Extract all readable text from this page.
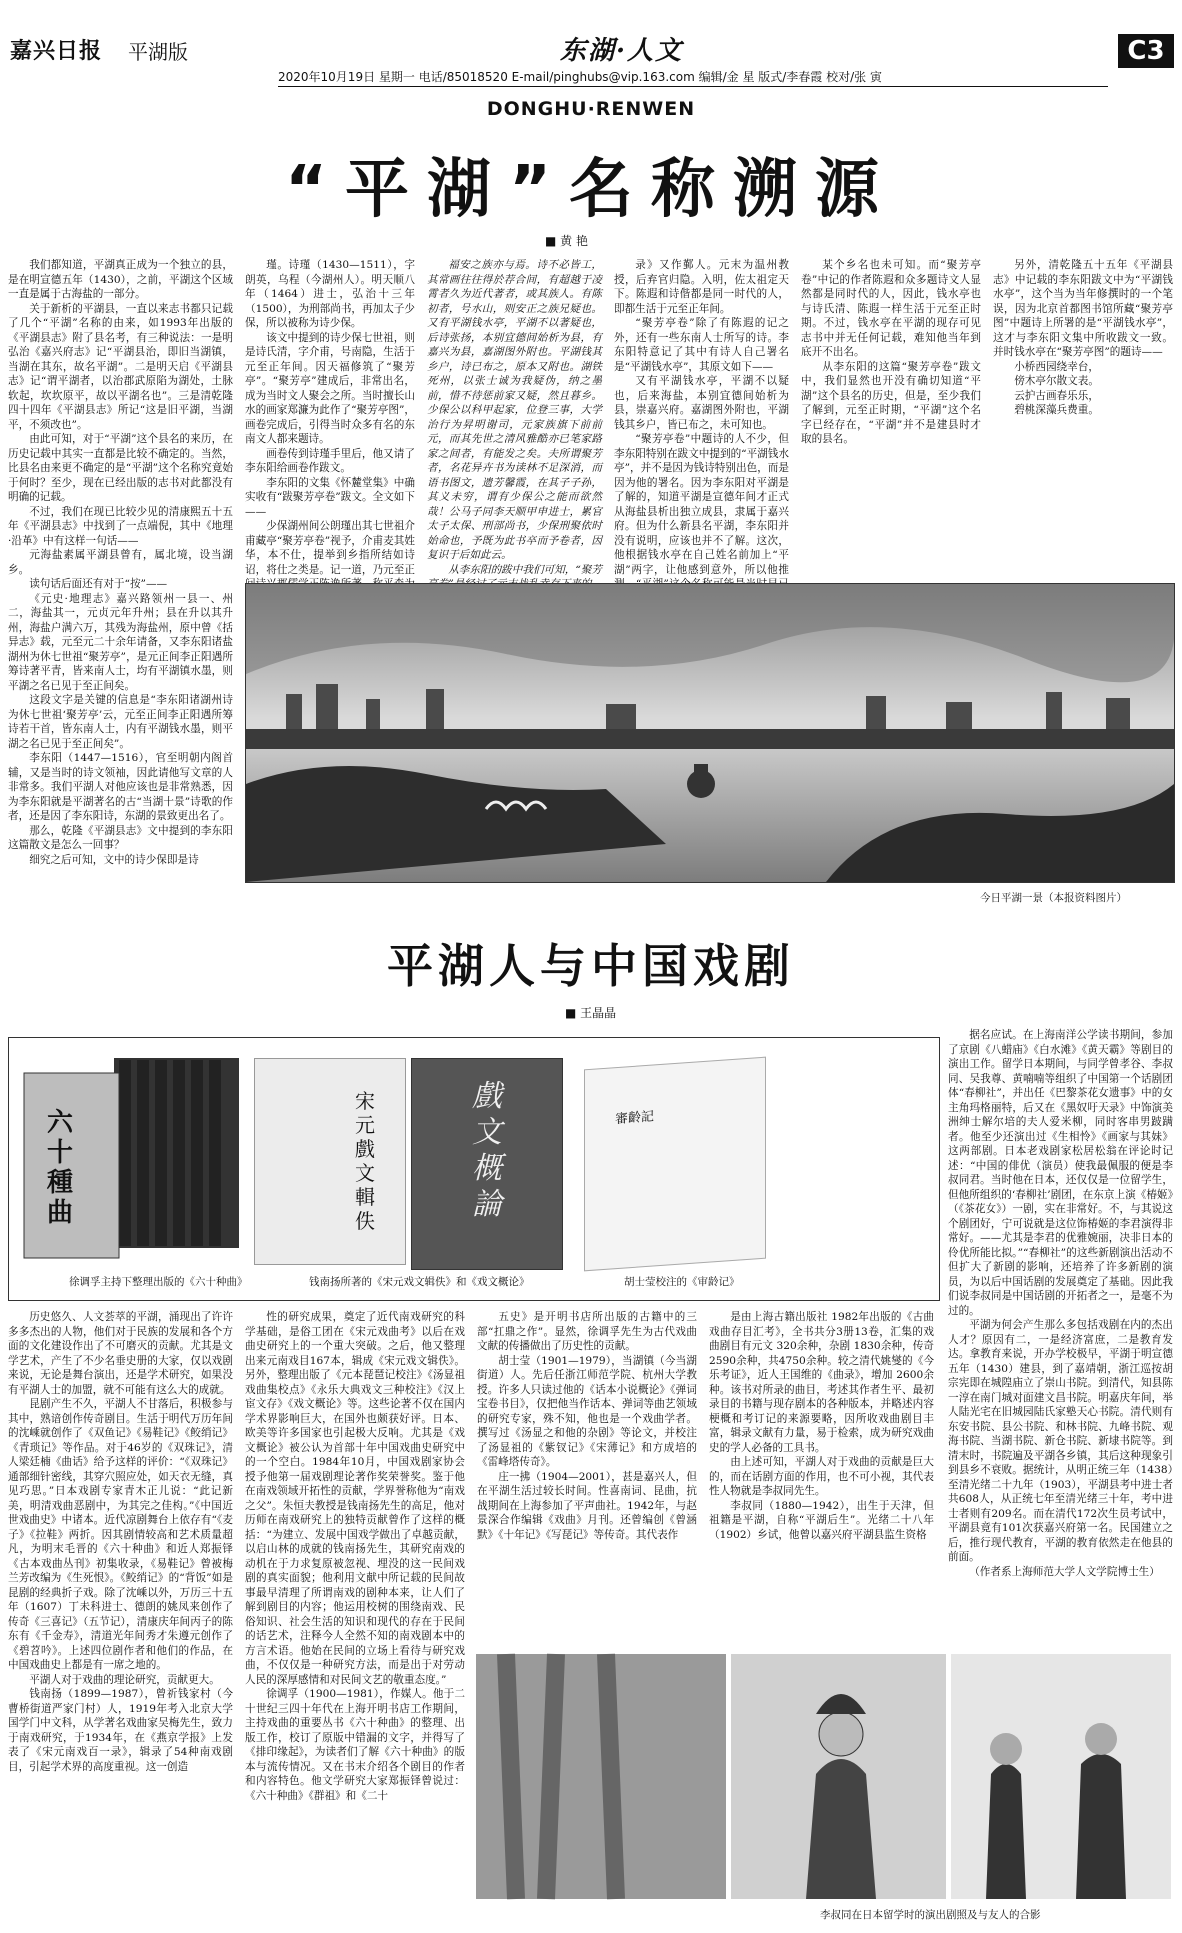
嘉兴日报 平湖版	东湖·人文
2020年10月19日 星期一 电话/85018520 E-mail/pinghubs@vip.163.com 编辑/金 星 版式/李春霞 校对/张 寅
C3
DONGHU·RENWEN
“平湖”名称溯源
■ 黄 艳

我们都知道，平湖真正成为一个独立的县，是在明宣德五年（1430），之前，平湖这个区域一直是属于古海盐的一部分。

关于新析的平湖县，一直以来志书都只记载了几个“平湖”名称的由来，如1993年出版的《平湖县志》附了县名考，有三种说法：一是明弘治《嘉兴府志》记“平湖县治，即旧当湖镇，当湖在其东，故名平湖”。二是明天启《平湖县志》记“谓平湖者，以治郡武原陷为湖处，土脉软起，坎坎原平，故以平湖名也”。三是清乾隆四十四年《平湖县志》所记“这是旧平湖，当湖平，不须改也”。

由此可知，对于“平湖”这个县名的来历，在历史记载中其实一直都是比较不确定的。当然，比县名由来更不确定的是“平湖”这个名称究竟始于何时？至少，现在已经出版的志书对此都没有明确的记载。

不过，我们在现已比较少见的清康熙五十五年《平湖县志》中找到了一点端倪，其中《地理·沿革》中有这样一句话——

元海盐素属平湖县曾有，属北境，设当湖乡。

读句话后面还有对于“按”——

《元史·地理志》嘉兴路领州一县一、州二，海盐其一，元贞元年升州；县在升以其升州，海盐户满六万，其残为海盐州，原中曾《括异志》载，元至元二十余年请备，又李东阳诸盐湖州为休七世祖“聚芳亭”，是元正间李正阳遇所筹诗著平青，皆来南人士，均有平湖镇水墨，则平湖之名已见于至正间矣。

这段文字是关键的信息是“李东阳诸湖州诗为休七世祖‘聚芳亭’云，元至正间李正阳遇所筹诗若干首，皆东南人士，内有平湖钱水墨，则平湖之名已见于至正间矣”。

李东阳（1447—1516），官至明朝内阁首辅，又是当时的诗文领袖，因此请他写文章的人非常多。我们平湖人对他应该也是非常熟悉，因为李东阳就是平湖著名的古“当湖十景”诗歌的作者，还是因了李东阳诗，东湖的景致更出名了。

那么，乾隆《平湖县志》文中提到的李东阳这篇散文是怎么一回事？

细究之后可知，文中的诗少保即是诗

瑾。诗瑾（1430—1511），字朗英，乌程（今湖州人）。明天顺八年（1464）进士，弘治十三年（1500），为刑部尚书，再加太子少保，所以被称为诗少保。

该文中提到的诗少保七世祖，则是诗氏清，字介甫，号南隐，生活于元至正年间。因天福修筑了“聚芳亭”。“聚芳亭”建成后，非常出名，成为当时文人聚会之所。当时擅长山水的画家郑濂为此作了“聚芳亭图”，画卷完成后，引得当时众多有名的东南文人都来题诗。

画卷传到诗瑾手里后，他又请了李东阳给画卷作跋文。

李东阳的文集《怀麓堂集》中确实收有“跋聚芳亭卷”跋文。全文如下——

少保湖州间公朗瑾出其七世祖介甫藏亭“聚芳亭卷”视予，介甫麦其姓华，本不仕，提举到乡指所结如诗诏，将仕之类是。记一道，乃元至正

福安之族亦与焉。诗不必皆工，其常画往往得於荐合间，有超越于凌霄者久为近代著者，或其族人。有陈初者，号水山，则安正之族兄疑也。又有平湖钱水亭，平湖不以著疑也，后诗张扬，本别宜德间始析为县，有嘉兴为县，嘉湖图外附也。平湖钱其乡户，诗已布之，原本又附也。湖铁死州，以张士诚为我疑伪，纳之墨前，惜不待惩前家又疑，然且暮乡。少保公以科甲起家，位登三事，大学治行为昇明谢司，元家族旗下前前元，而其先世之清风雅酷亦已笔家路家之间者，有能发之矣。夫所谓聚芳者，名花异卉书为读林不足深消，而语书图文，遗芳馨霞，在其子子孙，其义未穷，谓有少保公之能而欲然哉！公马子同李天顺甲申进士，累官太子太保、刑部尚书，少保刑聚依时始命也，予既为此书卒而予卷者，因复识于后如此云。

从李东阳的跋中我们可知，“聚芳

录》又作鄞人。元末为温州教授，后弃官归隐。入明，佐太祖定天下。陈遐和诗偕都是同一时代的人，即都生活于元至正年间。

“聚芳亭卷”除了有陈遐的记之外，还有一些东南人士所写的诗。李东阳特意记了其中有诗人自己署名是“平湖钱水亭”，其原文如下——

又有平湖钱水亭，平湖不以疑也，后来海盐，本别宜德间始析为县，崇嘉兴府。嘉湖图外附也，平湖钱其乡户，皆已布之，未可知也。

“聚芳亭卷”中题诗的人不少，但李东阳特别在跋文中提到的“平湖钱水亭”，并不是因为钱诗特别出色，而是因为他的署名。因为李东阳对平湖是了解的，知道平湖是宣德年间才正式从海盐县析出独立成县，隶属于嘉兴府。但为什么新县名平湖，李东阳并没有说明，应该也并不了解。这次，他根据钱水亭在自己姓名前加上“平湖”两字，让他感到意外，所以他推

某个乡名也未可知。而“聚芳亭卷”中记的作者陈遐和众多题诗文人显然都是同时代的人，因此，钱水亭也与诗氏清、陈遐一样生活于元至正时期。不过，钱水亭在平湖的现存可见志书中并无任何记载，难知他当年到底开不出名。

从李东阳的这篇“聚芳亭卷”跋文中，我们显然也开没有确切知道“平湖”这个县名的历史，但是，至少我们了解到，元至正时期，“平湖”这个名字已经存在，“平湖”并不是建县时才取的县名。

另外，清乾隆五十五年《平湖县志》中记载的李东阳跋文中为“平湖钱水亭”，这个当为当年修撰时的一个笔误，因为北京首都图书馆所藏“聚芳亭图”中题诗上所署的是“平湖钱水亭”，这才与李东阳文集中所收跋文一致。并时钱水亭在“聚芳亭图”的题诗——

小桥西园绕幸台，

傍木亭尔散文表。

云护古画春乐乐，

碧桃深藻兵费重。

今日平湖一景（本报资料图片）
平湖人与中国戏剧
■ 王晶晶
六十種曲
宋元戲文輯佚
戲文概論
審齡記
徐调孚主持下整理出版的《六十种曲》	钱南扬所著的《宋元戏文辑佚》和《戏文概论》	胡士莹校注的《审龄记》

据名应试。在上海南洋公学读书期间，参加了京剧《八蜡庙》《白水滩》《黄天霸》等剧目的演出工作。留学日本期间，与同学曾孝谷、李叔同、吴我尊、黄喃喃等组织了中国第一个话剧团体“春柳社”，并出任《巴黎茶花女遗事》中的女主角玛格丽特，后又在《黑奴吁天录》中饰演美洲绅士解尔培的夫人爱米柳，同时客串男跛蹒者。他至少还演出过《生相怜》《画家与其妹》这两部剧。日本老戏剧家松居松翁在评论时记述：“中国的俳优（演员）使我最佩服的便是李叔同君。当时他在日本，还仅仅是一位留学生，但他所组织的‘春柳社’剧团，在东京上演《椿姬》（《茶花女》）一剧，实在非常好。不，与其说这个剧团好，宁可说就是这位饰椿姬的李君演得非常好。——尤其是李君的优雅婉丽，决非日本的伶优所能比拟。”“春柳社”的这些新剧演出活动不但扩大了新剧的影响，还培养了许多新剧的演员，为以后中国话剧的发展奠定了基础。因此我们说李叔同是中国话剧的开拓者之一，是毫不为过的。

平湖为何会产生那么多包括戏剧在内的杰出人才？原因有二，一是经济富庶，二是教育发达。拿教育来说，开办学校极早，平湖于明宣德五年（1430）建县，到了嘉靖朝，浙江巡按胡宗宪即在城隍庙立了崇山书院。到清代，知县陈一淳在南门城对面建文昌书院。明嘉庆年间，举人陆光宅在旧城园陆氏家塾天心书院。清代则有东安书院、县公书院、和林书院、九峰书院、观海书院、当湖书院、新仓书院、新埭书院等。到清末时，书院遍及平湖各乡镇，其后这种现象引到县乡不衰败。据统计，从明正统三年（1438）至清光绪二十九年（1903），平湖县考中进士者共608人，从正统七年至清光绪三十年，考中进士者则有209名。而在清代172次生员考试中，平湖县竟有101次获嘉兴府第一名。民国建立之后，推行现代教育，平湖的教育依然走在他县的前面。

（作者系上海师范大学人文学院博士生）

历史悠久、人文荟萃的平湖，涌现出了许许多多杰出的人物，他们对于民族的发展和各个方面的文化建设作出了不可磨灭的贡献。尤其是文学艺术，产生了不少名垂史册的大家，仅以戏剧来说，无论是舞台演出，还是学术研究，如果没有平湖人士的加盟，就不可能有这么大的成就。

昆剧产生不久，平湖人不甘落后，积极参与其中，熟谙创作传奇剧目。生活于明代万历年间的沈嵊就创作了《双鱼记》《易鞋记》《鲛绡记》《青琐记》等作品。对于46岁的《双珠记》，清人梁廷楠《曲话》给予这样的评价：“《双珠记》通部细针密线，其穿穴照应处，如天衣无缝，真见巧思。”日本戏剧专家青木正儿说：“此记新美，明清戏曲恶剧中，为其完之佳构。”《中国近世戏曲史》中诸本。近代凉剧舞台上依存有“《麦子》《拉鞋》两折。因其剧情较高和艺术质量超凡，为明末毛晋的《六十种曲》和近人郑振铎《古本戏曲丛刊》初集收录，《易鞋记》曾被梅兰芳改编为《生死恨》。《鲛绡记》的“背饭”如是昆剧的经典折子戏。除了沈嵊以外，万历三十五年（1607）丁未科进士、德朗的姚凤来创作了传奇《三喜记》（五节记），清康庆年间丙子的陈东有《千金寿》，清道光年间秀才朱遵元创作了《碧苕吟》。上述四位剧作者和他们的作品，在中国戏曲史上都是有一席之地的。

平湖人对于戏曲的理论研究，贡献更大。

钱南扬（1899—1987），曾祈钱家村（今曹桥街道严家门村）人，1919年考入北京大学国学门中文科，从学著名戏曲家吴梅先生，致力于南戏研究，于1934年，在《燕京学报》上发表了《宋元南戏百一录》，辑录了54种南戏剧目，引起学术界的高度重视。这一创造

性的研究成果，奠定了近代南戏研究的科学基础，是俗工团在《宋元戏曲考》以后在戏曲史研究上的一个重大突破。之后，他又整理出来元南戏目167本，辑成《宋元戏文辑佚》。另外，整理出版了《元本琵琶记校注》《汤显祖戏曲集校点》《永乐大典戏文三种校注》《汉上宦文存》《戏文概论》等。这些论著不仅在国内学术界影响巨大，在国外也颇获好评。日本、欧美等许多国家也引起极大反响。尤其是《戏文概论》被公认为首部十年中国戏曲史研究中的一个空白。1984年10月，中国戏剧家协会授予他第一届戏剧理论著作奖荣誉奖。鉴于他在南戏领域开拓性的贡献，学界誉称他为“南戏之父”。朱恒夫教授是钱南扬先生的高足，他对历师在南戏研究上的独特贡献曾作了这样的概括：“为建立、发展中国戏学做出了卓越贡献，以启山林的成就的钱南扬先生，其研究南戏的动机在于力求复原被忽视、埋没的这一民间戏剧的真实面貌；他利用文献中所记载的民间故事最早清理了所谓南戏的剧种本来，让人们了解到剧目的内容；他运用校树的围绕南戏、民俗知识、社会生活的知识和现代的存在于民间的话艺术，注释今人全然不知的南戏剧本中的方言术语。他始在民间的立场上看待与研究戏曲，不仅仅是一种研究方法，而是出于对劳动人民的深厚感情和对民间文艺的敬重态度。”

徐调孚（1900—1981），作媒人。他于二十世纪三四十年代在上海开明书店工作期间，主持戏曲的重要丛书《六十种曲》的整理、出版工作，校订了原版中错漏的文字，并得写了《排印缘起》，为读者们了解《六十种曲》的版本与流传情况。又在书末介绍各个剧目的作者和内容特色。他文学研究大家郑振铎曾说过：《六十种曲》《群祖》和《二十

五史》是开明书店所出版的古籍中的三部“扛鼎之作”。显然，徐调孚先生为古代戏曲文献的传播做出了历史性的贡献。

胡士莹（1901—1979），当湖镇（今当湖街道）人。先后任浙江师范学院、杭州大学教授。许多人只读过他的《话本小说概论》《弹词宝卷书目》，仅把他当作话本、弹词等曲艺领域的研究专家，殊不知，他也是一个戏曲学者。撰写过《汤显之和他的杂剧》等论文，并校注了汤显祖的《紫钗记》《宋薄记》和方成培的《雷峰塔传奇》。

庄一拂（1904—2001），甚是嘉兴人，但在平湖生活过较长时间。性喜南词、昆曲，抗战期间在上海参加了平声曲社。1942年，与赵景深合作编辑《戏曲》月刊。还曾编创《曾涵默》《十年记》《写琵记》等传奇。其代表作

是由上海古籍出版社 1982年出版的《古曲戏曲存目汇考》，全书共分3册13卷，汇集的戏曲剧目有元文 320余种，杂剧 1830余种，传奇 2590余种，共4750余种。较之清代姚燮的《今乐考证》，近人王国维的《曲录》，增加 2600余种。该书对所录的曲目，考述其作者生平、最初录目的书籍与现存剧本的各种版本，并略述内容梗概和考订记的来源要略，因所收戏曲剧目丰富，辑录文献有力量，易于检索，成为研究戏曲史的学人必备的工具书。

由上述可知，平湖人对于戏曲的贡献是巨大的，而在话剧方面的作用，也不可小视，其代表性人物就是李叔同先生。

李叔同（1880—1942），出生于天津，但祖籍是平湖，自称“平湖后生”。光绪二十八年（1902）乡试，他曾以嘉兴府平湖县监生资格

李叔同在日本留学时的演出剧照及与友人的合影
